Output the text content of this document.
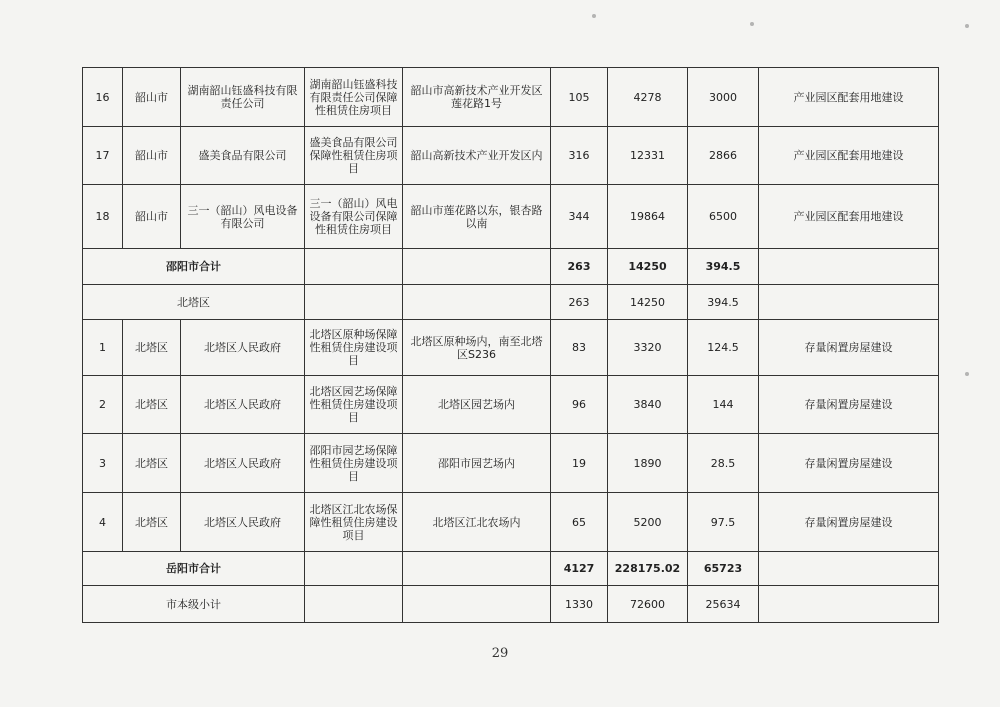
16	韶山市	湖南韶山钰盛科技有限责任公司	湖南韶山钰盛科技有限责任公司保障性租赁住房项目	韶山市高新技术产业开发区莲花路1号	105	4278	3000	产业园区配套用地建设
17	韶山市	盛美食品有限公司	盛美食品有限公司保障性租赁住房项目	韶山高新技术产业开发区内	316	12331	2866	产业园区配套用地建设
18	韶山市	三一（韶山）风电设备有限公司	三一（韶山）风电设备有限公司保障性租赁住房项目	韶山市莲花路以东，银杏路以南	344	19864	6500	产业园区配套用地建设
邵阳市合计					263	14250	394.5	
北塔区					263	14250	394.5	
1	北塔区	北塔区人民政府	北塔区原种场保障性租赁住房建设项目	北塔区原种场内，南至北塔区S236	83	3320	124.5	存量闲置房屋建设
2	北塔区	北塔区人民政府	北塔区园艺场保障性租赁住房建设项目	北塔区园艺场内	96	3840	144	存量闲置房屋建设
3	北塔区	北塔区人民政府	邵阳市园艺场保障性租赁住房建设项目	邵阳市园艺场内	19	1890	28.5	存量闲置房屋建设
4	北塔区	北塔区人民政府	北塔区江北农场保障性租赁住房建设项目	北塔区江北农场内	65	5200	97.5	存量闲置房屋建设
岳阳市合计					4127	228175.02	65723	
市本级小计					1330	72600	25634	
29
